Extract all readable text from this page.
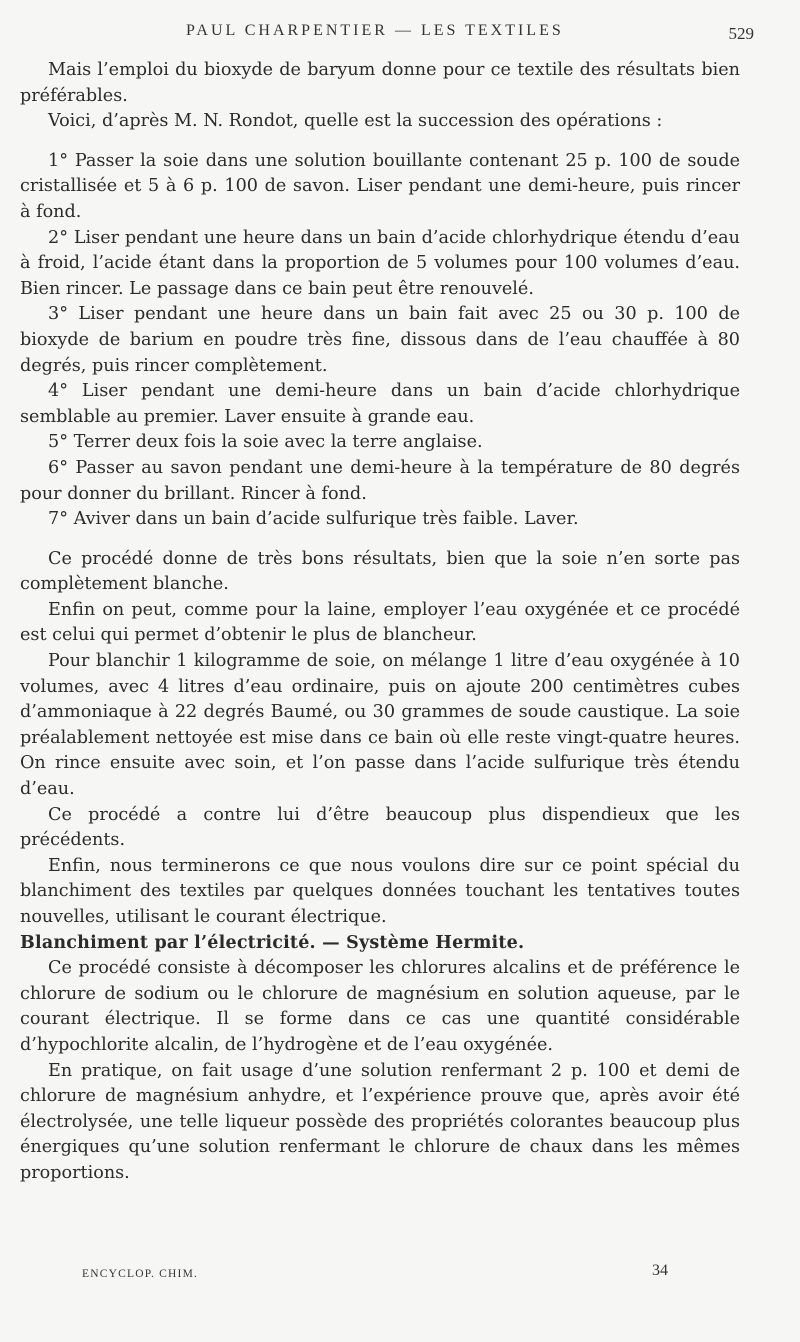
PAUL CHARPENTIER — LES TEXTILES	529

Mais l’emploi du bioxyde de baryum donne pour ce textile des résultats bien préférables.

Voici, d’après M. N. Rondot, quelle est la succession des opérations :

1° Passer la soie dans une solution bouillante contenant 25 p. 100 de soude cristallisée et 5 à 6 p. 100 de savon. Liser pendant une demi-heure, puis rincer à fond.

2° Liser pendant une heure dans un bain d’acide chlorhydrique étendu d’eau à froid, l’acide étant dans la proportion de 5 volumes pour 100 volumes d’eau. Bien rincer. Le passage dans ce bain peut être renouvelé.

3° Liser pendant une heure dans un bain fait avec 25 ou 30 p. 100 de bioxyde de barium en poudre très fine, dissous dans de l’eau chauffée à 80 degrés, puis rincer complètement.

4° Liser pendant une demi-heure dans un bain d’acide chlorhydrique semblable au premier. Laver ensuite à grande eau.

5° Terrer deux fois la soie avec la terre anglaise.

6° Passer au savon pendant une demi-heure à la température de 80 degrés pour donner du brillant. Rincer à fond.

7° Aviver dans un bain d’acide sulfurique très faible. Laver.

Ce procédé donne de très bons résultats, bien que la soie n’en sorte pas complètement blanche.

Enfin on peut, comme pour la laine, employer l’eau oxygénée et ce procédé est celui qui permet d’obtenir le plus de blancheur.

Pour blanchir 1 kilogramme de soie, on mélange 1 litre d’eau oxygénée à 10 volumes, avec 4 litres d’eau ordinaire, puis on ajoute 200 centimètres cubes d’ammoniaque à 22 degrés Baumé, ou 30 grammes de soude caustique. La soie préalablement nettoyée est mise dans ce bain où elle reste vingt-quatre heures. On rince ensuite avec soin, et l’on passe dans l’acide sulfurique très étendu d’eau.

Ce procédé a contre lui d’être beaucoup plus dispendieux que les précédents.

Enfin, nous terminerons ce que nous voulons dire sur ce point spécial du blanchiment des textiles par quelques données touchant les tentatives toutes nouvelles, utilisant le courant électrique.

Blanchiment par l’électricité. — Système Hermite.

Ce procédé consiste à décomposer les chlorures alcalins et de préférence le chlorure de sodium ou le chlorure de magnésium en solution aqueuse, par le courant électrique. Il se forme dans ce cas une quantité considérable d’hypochlorite alcalin, de l’hydrogène et de l’eau oxygénée.

En pratique, on fait usage d’une solution renfermant 2 p. 100 et demi de chlorure de magnésium anhydre, et l’expérience prouve que, après avoir été électrolysée, une telle liqueur possède des propriétés colorantes beaucoup plus énergiques qu’une solution renfermant le chlorure de chaux dans les mêmes proportions.

ENCYCLOP. CHIM.	34
